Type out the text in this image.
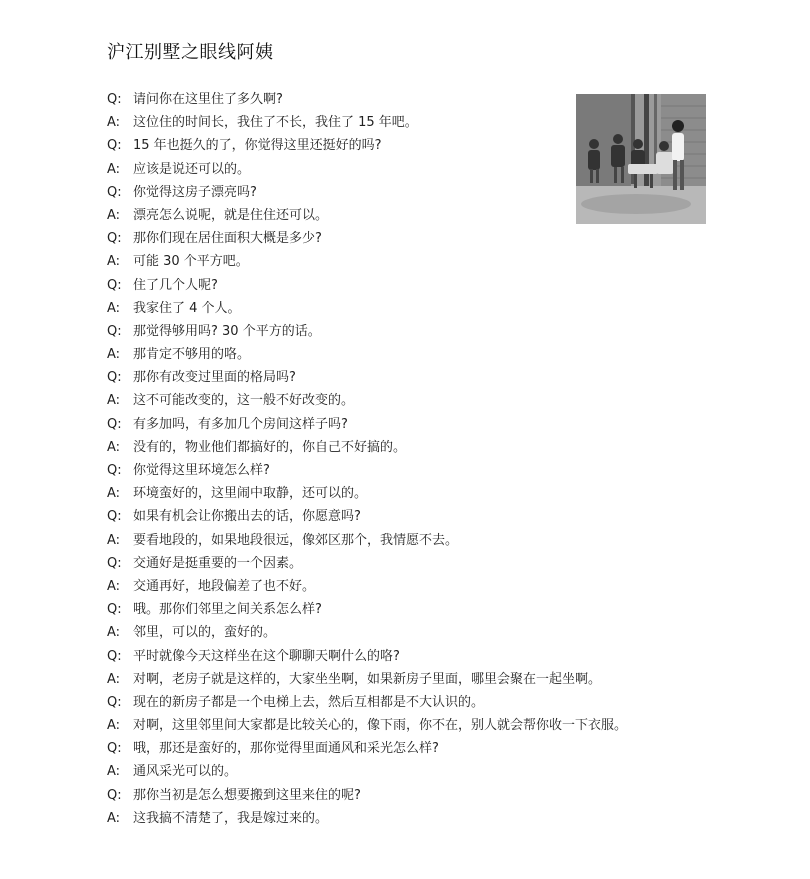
沪江别墅之眼线阿姨
Q: 请问你在这里住了多久啊?
A: 这位住的时间长，我住了不长，我住了 15 年吧。
Q: 15 年也挺久的了，你觉得这里还挺好的吗?
A: 应该是说还可以的。
Q: 你觉得这房子漂亮吗?
A: 漂亮怎么说呢，就是住住还可以。
Q: 那你们现在居住面积大概是多少?
A: 可能 30 个平方吧。
Q: 住了几个人呢?
A: 我家住了 4 个人。
Q: 那觉得够用吗? 30 个平方的话。
A: 那肯定不够用的咯。
Q: 那你有改变过里面的格局吗?
A: 这不可能改变的，这一般不好改变的。
Q: 有多加吗，有多加几个房间这样子吗?
A: 没有的，物业他们都搞好的，你自己不好搞的。
Q: 你觉得这里环境怎么样?
A: 环境蛮好的，这里闹中取静，还可以的。
Q: 如果有机会让你搬出去的话，你愿意吗?
A: 要看地段的，如果地段很远，像郊区那个，我情愿不去。
Q: 交通好是挺重要的一个因素。
A: 交通再好，地段偏差了也不好。
Q: 哦。那你们邻里之间关系怎么样?
A: 邻里，可以的，蛮好的。
Q: 平时就像今天这样坐在这个聊聊天啊什么的咯?
A: 对啊，老房子就是这样的，大家坐坐啊，如果新房子里面，哪里会聚在一起坐啊。
Q: 现在的新房子都是一个电梯上去，然后互相都是不大认识的。
A: 对啊，这里邻里间大家都是比较关心的，像下雨，你不在，别人就会帮你收一下衣服。
Q: 哦，那还是蛮好的，那你觉得里面通风和采光怎么样?
A: 通风采光可以的。
Q: 那你当初是怎么想要搬到这里来住的呢?
A: 这我搞不清楚了，我是嫁过来的。
